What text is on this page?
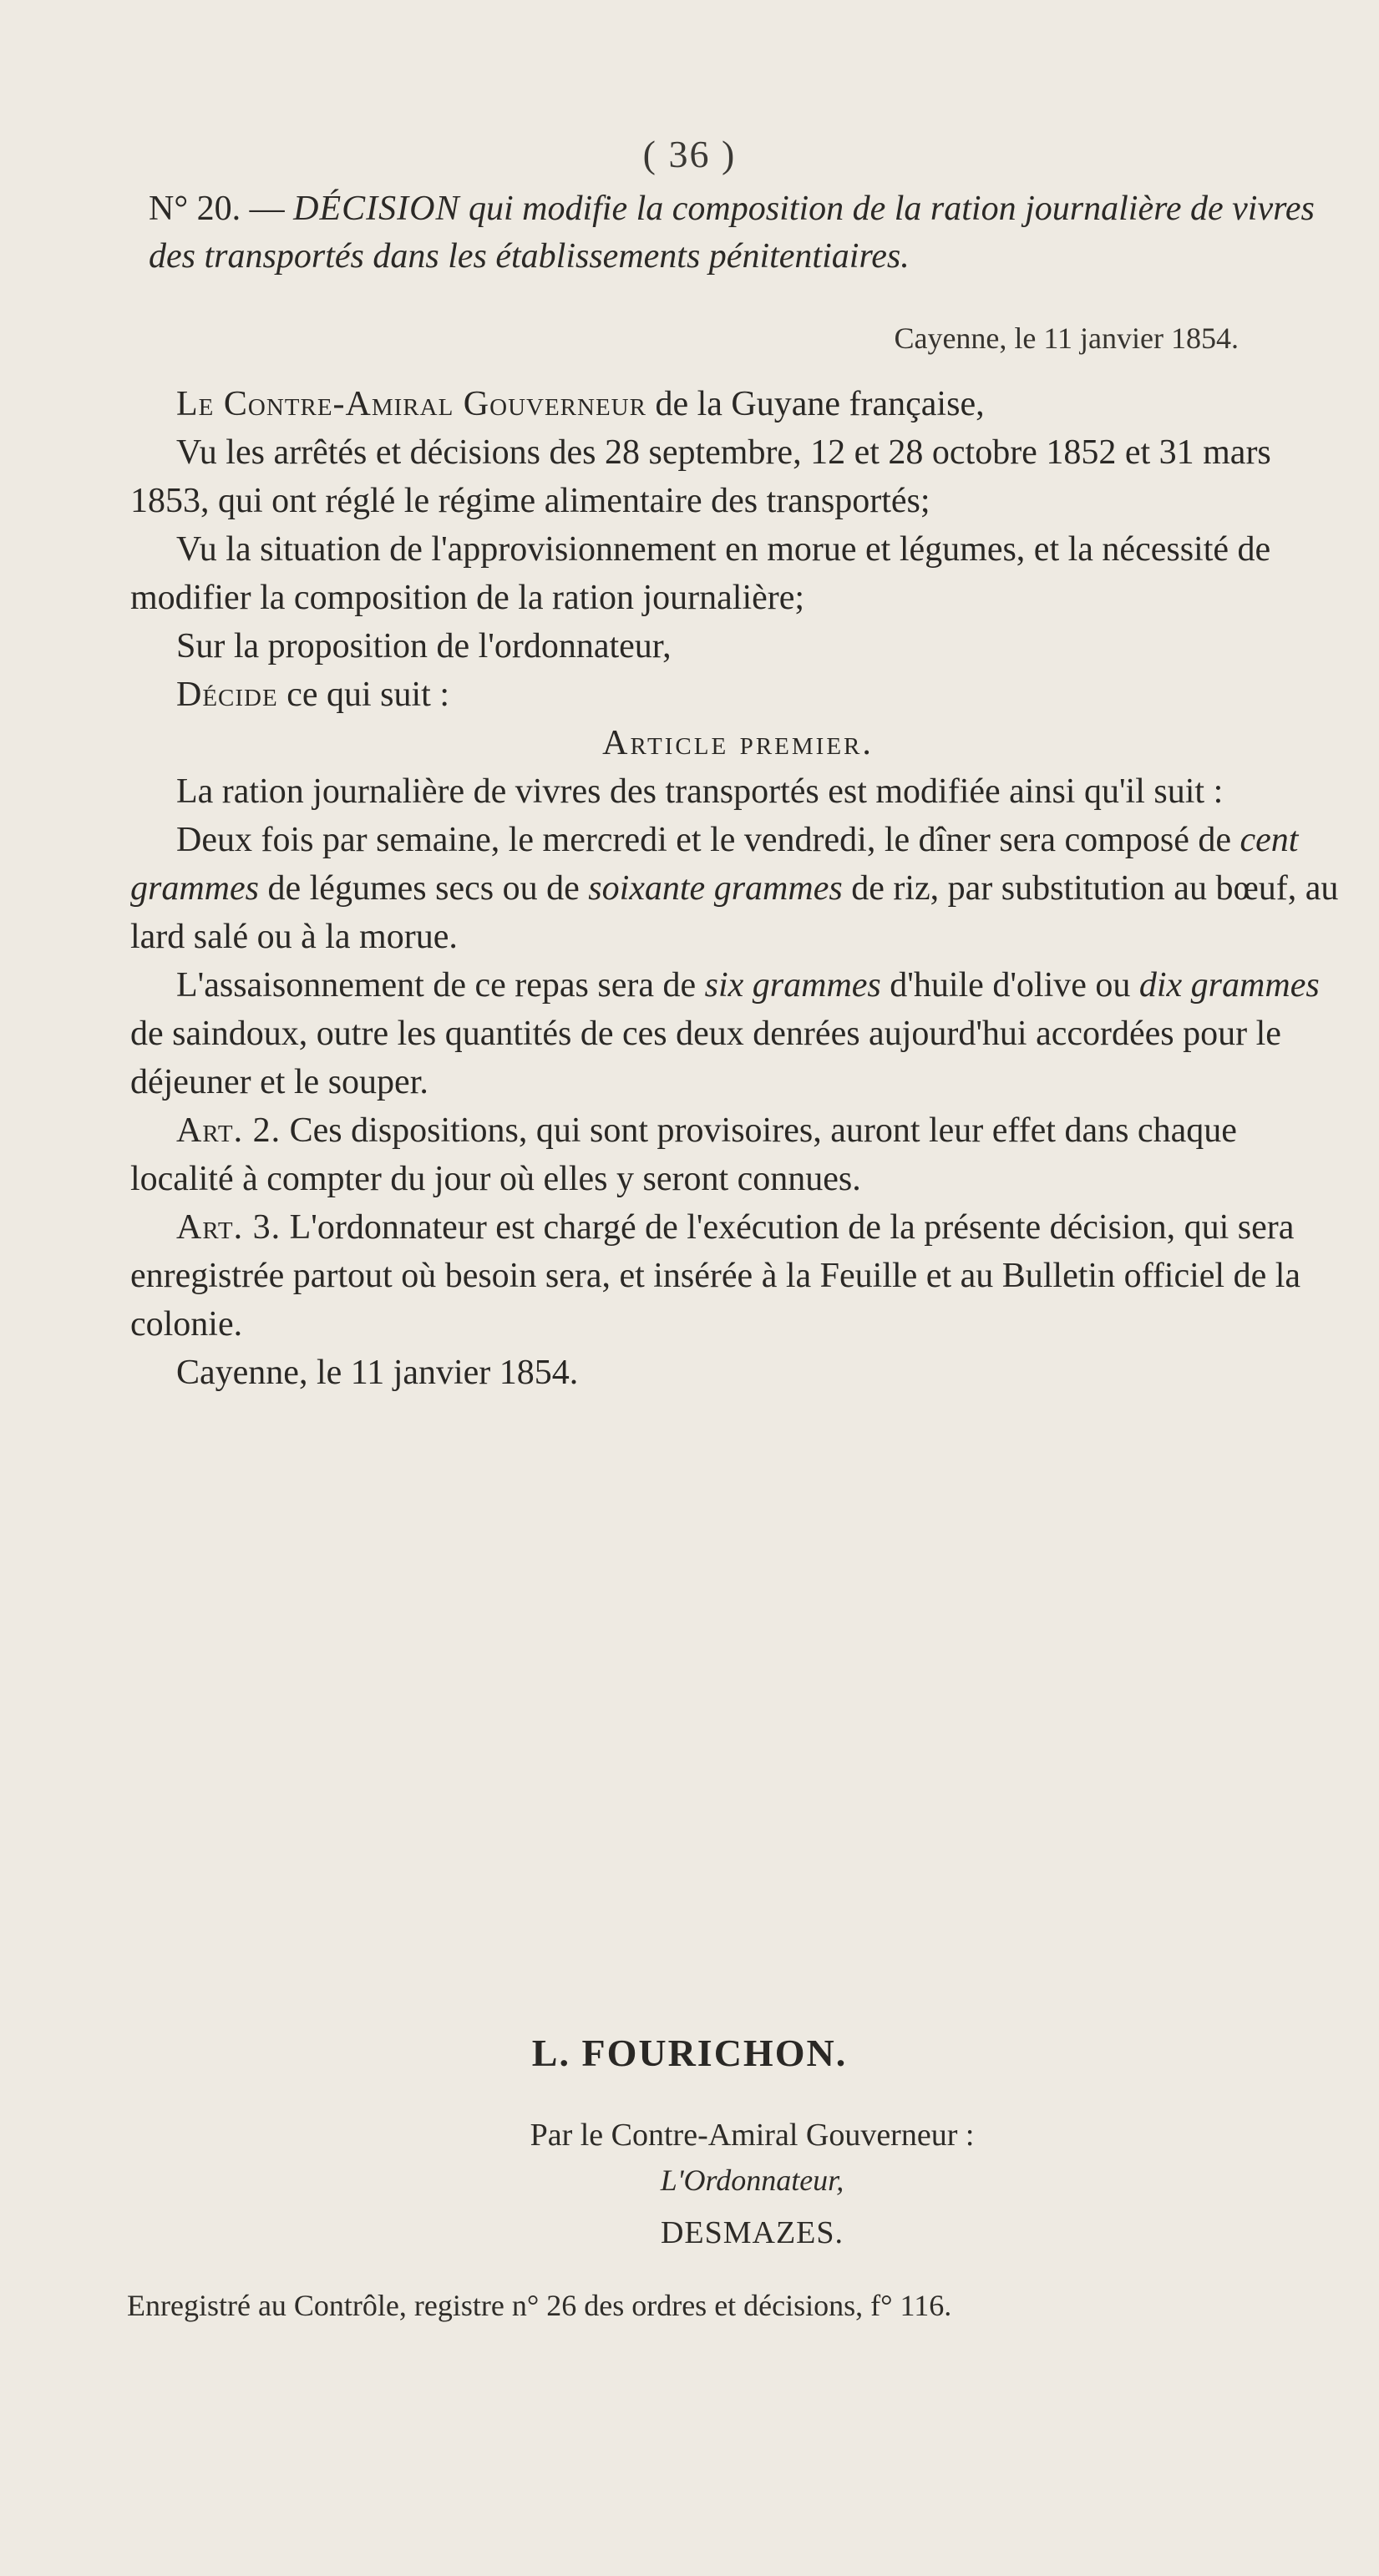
( 36 )
N° 20. — DÉCISION qui modifie la composition de la ration journalière de vivres des transportés dans les établissements pénitentiaires.
Cayenne, le 11 janvier 1854.

Le Contre-Amiral Gouverneur de la Guyane française,

Vu les arrêtés et décisions des 28 septembre, 12 et 28 octobre 1852 et 31 mars 1853, qui ont réglé le régime alimentaire des transportés;

Vu la situation de l'approvisionnement en morue et légumes, et la nécessité de modifier la composition de la ration journalière;

Sur la proposition de l'ordonnateur,

Décide ce qui suit :

Article premier.

La ration journalière de vivres des transportés est modifiée ainsi qu'il suit :

Deux fois par semaine, le mercredi et le vendredi, le dîner sera composé de cent grammes de légumes secs ou de soixante grammes de riz, par substitution au bœuf, au lard salé ou à la morue.

L'assaisonnement de ce repas sera de six grammes d'huile d'olive ou dix grammes de saindoux, outre les quantités de ces deux denrées aujourd'hui accordées pour le déjeuner et le souper.

Art. 2. Ces dispositions, qui sont provisoires, auront leur effet dans chaque localité à compter du jour où elles y seront connues.

Art. 3. L'ordonnateur est chargé de l'exécution de la présente décision, qui sera enregistrée partout où besoin sera, et insérée à la Feuille et au Bulletin officiel de la colonie.

Cayenne, le 11 janvier 1854.

L. FOURICHON.
Par le Contre-Amiral Gouverneur :
L'Ordonnateur,
DESMAZES.
Enregistré au Contrôle, registre n° 26 des ordres et décisions, f° 116.
